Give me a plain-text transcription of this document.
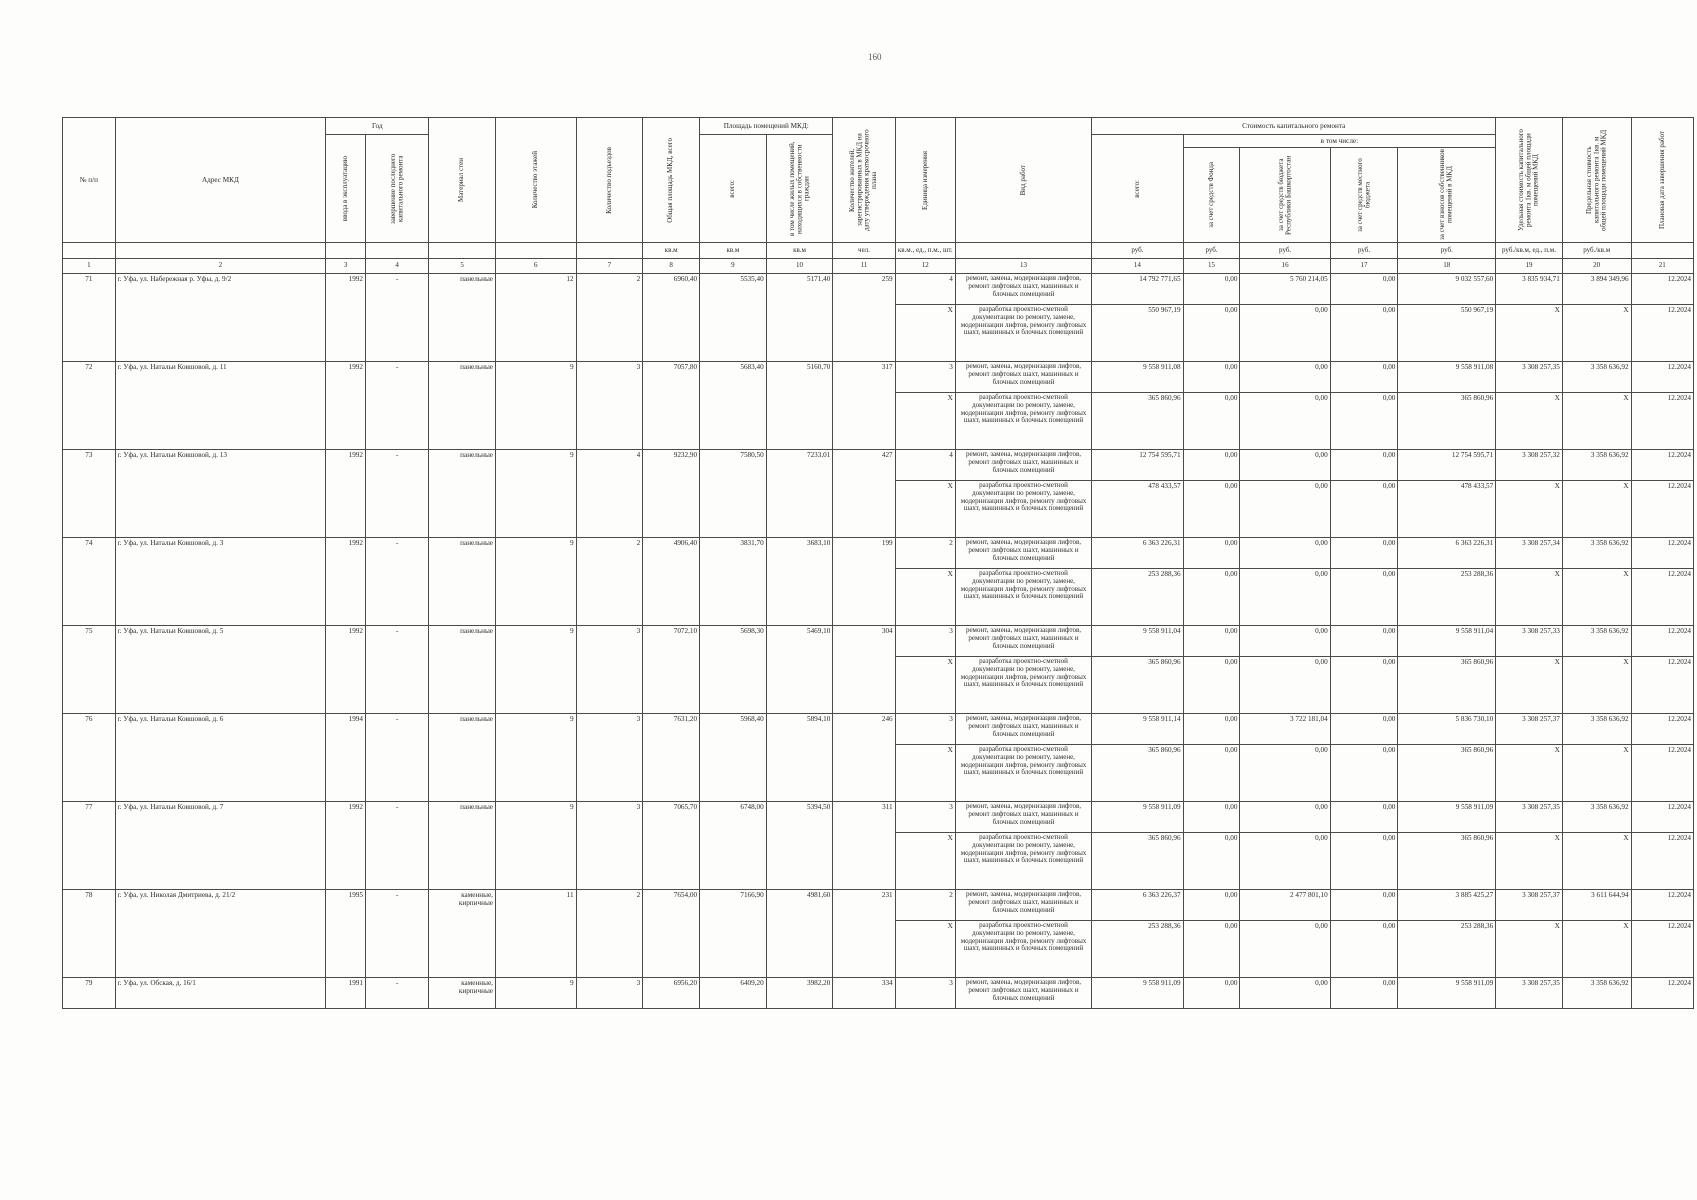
160
№ п/п	Адрес МКД	Год		Материал стен	Количество этажей	Количество подъездов	Общая площадь МКД, всего	Площадь помещений МКД:		Количество жителей, зарегистрированных в МКД на дату утверждения краткосрочного плана	Единица измерения	Вид работ	Стоимость капитального ремонта					Удельная стоимость капитального ремонта 1кв. м общей площади помещений МКД	Предельная стоимость капитального ремонта 1кв. м общей площади помещений МКД	Плановая дата завершения работ

		ввода в эксплуатацию	завершение последнего капитального ремонта					всего:	в том числе жилых помещений, находящихся в собственности граждан				всего:	в том числе:						

														за счет средств Фонда	за счет средств бюджета Республики Башкортостан	за счет средств местного бюджета	за счет взносов собственников помещений в МКД			

							кв.м	кв.м	кв.м	чел.	кв.м., ед., п.м., шт.		руб.	руб.	руб.	руб.	руб.	руб./кв.м, ед., п.м.	руб./кв.м	
1	2	3	4	5	6	7	8	9	10	11	12	13	14	15	16	17	18	19	20	21
71	г. Уфа, ул. Набережная р. Уфы, д. 9/2	1992	-	панельные	12	2	6960,40	5535,40	5171,40	259	4	ремонт, замена, модернизация лифтов, ремонт лифтовых шахт, машинных и блочных помещений	14 792 771,65	0,00	5 760 214,05	0,00	9 032 557,60	3 835 934,71	3 894 349,96	12.2024
											Х	разработка проектно-сметной документации по ремонту, замене, модернизации лифтов, ремонту лифтовых шахт, машинных и блочных помещений	550 967,19	0,00	0,00	0,00	550 967,19	Х	Х	12.2024
72	г. Уфа, ул. Натальи Ковшовой, д. 11	1992	-	панельные	9	3	7057,80	5683,40	5160,70	317	3	ремонт, замена, модернизация лифтов, ремонт лифтовых шахт, машинных и блочных помещений	9 558 911,08	0,00	0,00	0,00	9 558 911,08	3 308 257,35	3 358 636,92	12.2024
											Х	разработка проектно-сметной документации по ремонту, замене, модернизации лифтов, ремонту лифтовых шахт, машинных и блочных помещений	365 860,96	0,00	0,00	0,00	365 860,96	Х	Х	12.2024
73	г. Уфа, ул. Натальи Ковшовой, д. 13	1992	-	панельные	9	4	9232,90	7580,50	7233,01	427	4	ремонт, замена, модернизация лифтов, ремонт лифтовых шахт, машинных и блочных помещений	12 754 595,71	0,00	0,00	0,00	12 754 595,71	3 308 257,32	3 358 636,92	12.2024
											Х	разработка проектно-сметной документации по ремонту, замене, модернизации лифтов, ремонту лифтовых шахт, машинных и блочных помещений	478 433,57	0,00	0,00	0,00	478 433,57	Х	Х	12.2024
74	г. Уфа, ул. Натальи Ковшовой, д. 3	1992	-	панельные	9	2	4906,40	3831,70	3683,10	199	2	ремонт, замена, модернизация лифтов, ремонт лифтовых шахт, машинных и блочных помещений	6 363 226,31	0,00	0,00	0,00	6 363 226,31	3 308 257,34	3 358 636,92	12.2024
											Х	разработка проектно-сметной документации по ремонту, замене, модернизации лифтов, ремонту лифтовых шахт, машинных и блочных помещений	253 288,36	0,00	0,00	0,00	253 288,36	Х	Х	12.2024
75	г. Уфа, ул. Натальи Ковшовой, д. 5	1992	-	панельные	9	3	7072,10	5698,30	5469,10	304	3	ремонт, замена, модернизация лифтов, ремонт лифтовых шахт, машинных и блочных помещений	9 558 911,04	0,00	0,00	0,00	9 558 911,04	3 308 257,33	3 358 636,92	12.2024
											Х	разработка проектно-сметной документации по ремонту, замене, модернизации лифтов, ремонту лифтовых шахт, машинных и блочных помещений	365 860,96	0,00	0,00	0,00	365 860,96	Х	Х	12.2024
76	г. Уфа, ул. Натальи Ковшовой, д. 6	1994	-	панельные	9	3	7631,20	5968,40	5894,10	246	3	ремонт, замена, модернизация лифтов, ремонт лифтовых шахт, машинных и блочных помещений	9 558 911,14	0,00	3 722 181,04	0,00	5 836 730,10	3 308 257,37	3 358 636,92	12.2024
											Х	разработка проектно-сметной документации по ремонту, замене, модернизации лифтов, ремонту лифтовых шахт, машинных и блочных помещений	365 860,96	0,00	0,00	0,00	365 860,96	Х	Х	12.2024
77	г. Уфа, ул. Натальи Ковшовой, д. 7	1992	-	панельные	9	3	7065,70	6748,00	5394,50	311	3	ремонт, замена, модернизация лифтов, ремонт лифтовых шахт, машинных и блочных помещений	9 558 911,09	0,00	0,00	0,00	9 558 911,09	3 308 257,35	3 358 636,92	12.2024
											Х	разработка проектно-сметной документации по ремонту, замене, модернизации лифтов, ремонту лифтовых шахт, машинных и блочных помещений	365 860,96	0,00	0,00	0,00	365 860,96	Х	Х	12.2024
78	г. Уфа, ул. Николая Дмитриева, д. 21/2	1995	-	каменные, кирпичные	11	2	7654,00	7166,90	4981,60	231	2	ремонт, замена, модернизация лифтов, ремонт лифтовых шахт, машинных и блочных помещений	6 363 226,37	0,00	2 477 801,10	0,00	3 885 425,27	3 308 257,37	3 611 644,94	12.2024
											Х	разработка проектно-сметной документации по ремонту, замене, модернизации лифтов, ремонту лифтовых шахт, машинных и блочных помещений	253 288,36	0,00	0,00	0,00	253 288,36	Х	Х	12.2024
79	г. Уфа, ул. Обская, д. 16/1	1991	-	каменные, кирпичные	9	3	6956,20	6409,20	3982,20	334	3	ремонт, замена, модернизация лифтов, ремонт лифтовых шахт, машинных и блочных помещений	9 558 911,09	0,00	0,00	0,00	9 558 911,09	3 308 257,35	3 358 636,92	12.2024
